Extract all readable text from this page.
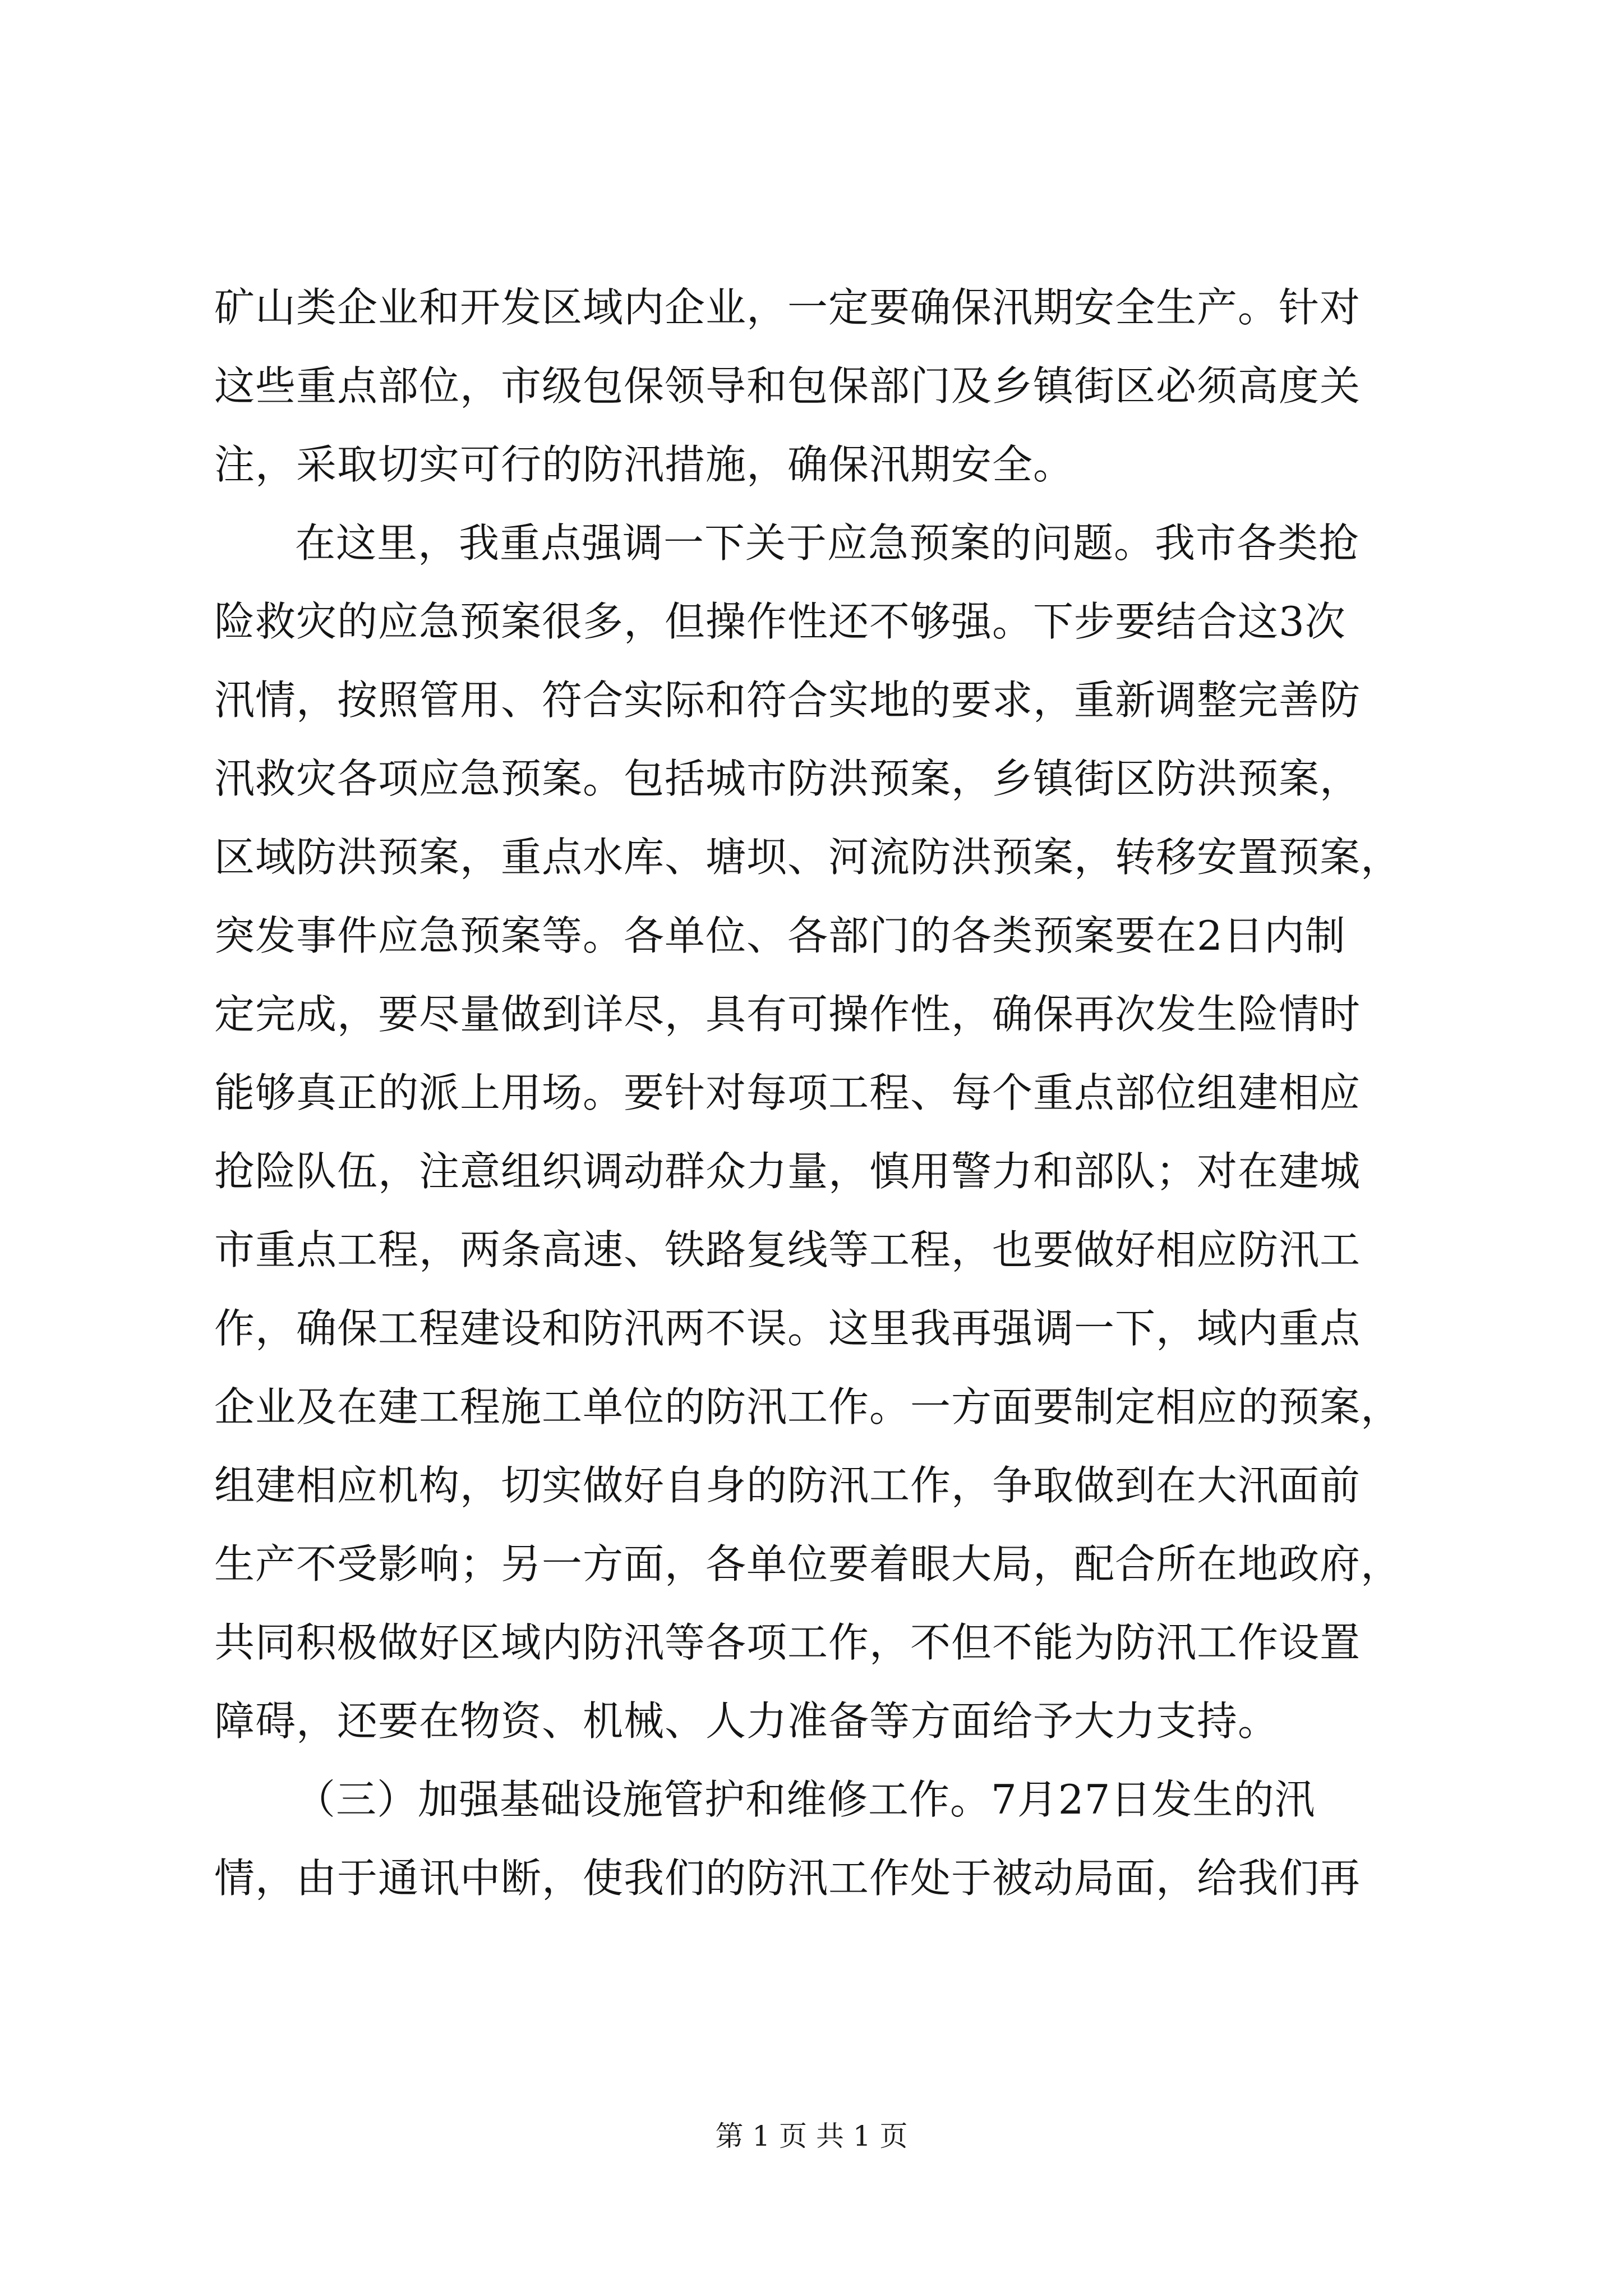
矿山类企业和开发区域内企业，一定要确保汛期安全生产。针对
这些重点部位，市级包保领导和包保部门及乡镇街区必须高度关
注，采取切实可行的防汛措施，确保汛期安全。
在这里，我重点强调一下关于应急预案的问题。我市各类抢
险救灾的应急预案很多，但操作性还不够强。下步要结合这3次
汛情，按照管用、符合实际和符合实地的要求，重新调整完善防
汛救灾各项应急预案。包括城市防洪预案，乡镇街区防洪预案，
区域防洪预案，重点水库、塘坝、河流防洪预案，转移安置预案，
突发事件应急预案等。各单位、各部门的各类预案要在2日内制
定完成，要尽量做到详尽，具有可操作性，确保再次发生险情时
能够真正的派上用场。要针对每项工程、每个重点部位组建相应
抢险队伍，注意组织调动群众力量，慎用警力和部队；对在建城
市重点工程，两条高速、铁路复线等工程，也要做好相应防汛工
作，确保工程建设和防汛两不误。这里我再强调一下，域内重点
企业及在建工程施工单位的防汛工作。一方面要制定相应的预案，
组建相应机构，切实做好自身的防汛工作，争取做到在大汛面前
生产不受影响；另一方面，各单位要着眼大局，配合所在地政府，
共同积极做好区域内防汛等各项工作，不但不能为防汛工作设置
障碍，还要在物资、机械、人力准备等方面给予大力支持。
（三）加强基础设施管护和维修工作。7月27日发生的汛
情，由于通讯中断，使我们的防汛工作处于被动局面，给我们再
第 1 页 共 1 页
